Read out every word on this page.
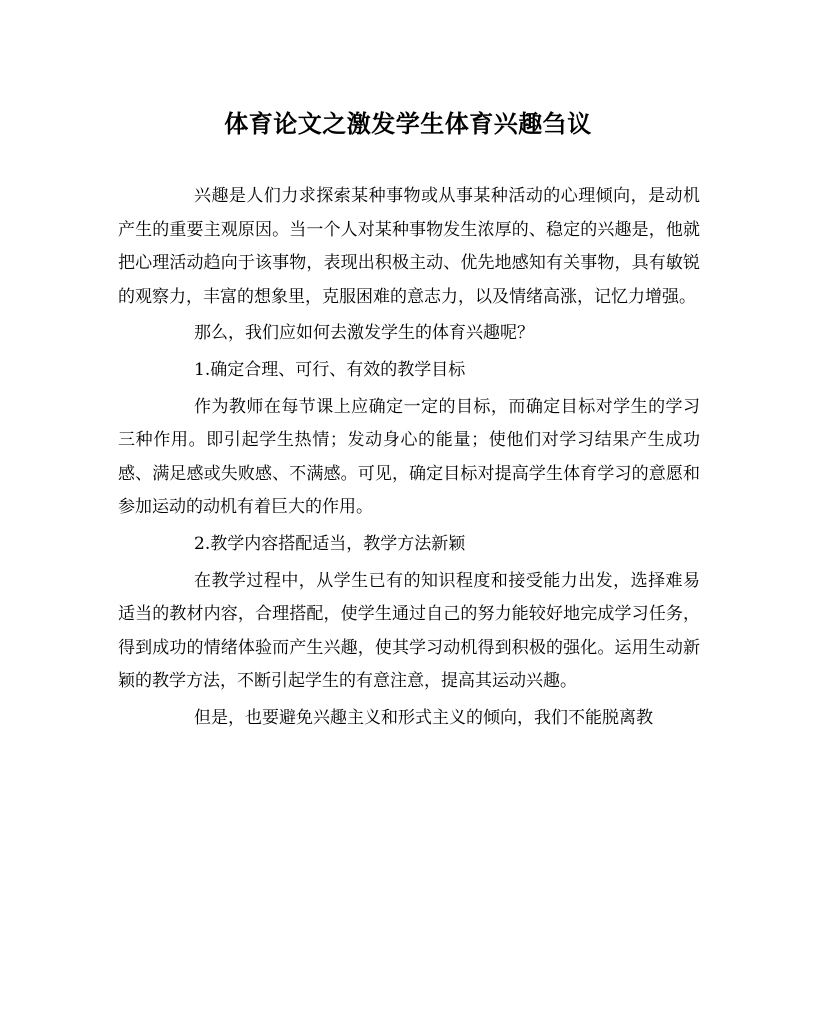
体育论文之激发学生体育兴趣刍议

兴趣是人们力求探索某种事物或从事某种活动的心理倾向，是动机产生的重要主观原因。当一个人对某种事物发生浓厚的、稳定的兴趣是，他就把心理活动趋向于该事物，表现出积极主动、优先地感知有关事物，具有敏锐的观察力，丰富的想象里，克服困难的意志力，以及情绪高涨，记忆力增强。

那么，我们应如何去激发学生的体育兴趣呢？

1.确定合理、可行、有效的教学目标

作为教师在每节课上应确定一定的目标，而确定目标对学生的学习三种作用。即引起学生热情；发动身心的能量；使他们对学习结果产生成功感、满足感或失败感、不满感。可见，确定目标对提高学生体育学习的意愿和参加运动的动机有着巨大的作用。

2.教学内容搭配适当，教学方法新颖

在教学过程中，从学生已有的知识程度和接受能力出发，选择难易适当的教材内容，合理搭配，使学生通过自己的努力能较好地完成学习任务，得到成功的情绪体验而产生兴趣，使其学习动机得到积极的强化。运用生动新颖的教学方法，不断引起学生的有意注意，提高其运动兴趣。

但是，也要避免兴趣主义和形式主义的倾向，我们不能脱离教
